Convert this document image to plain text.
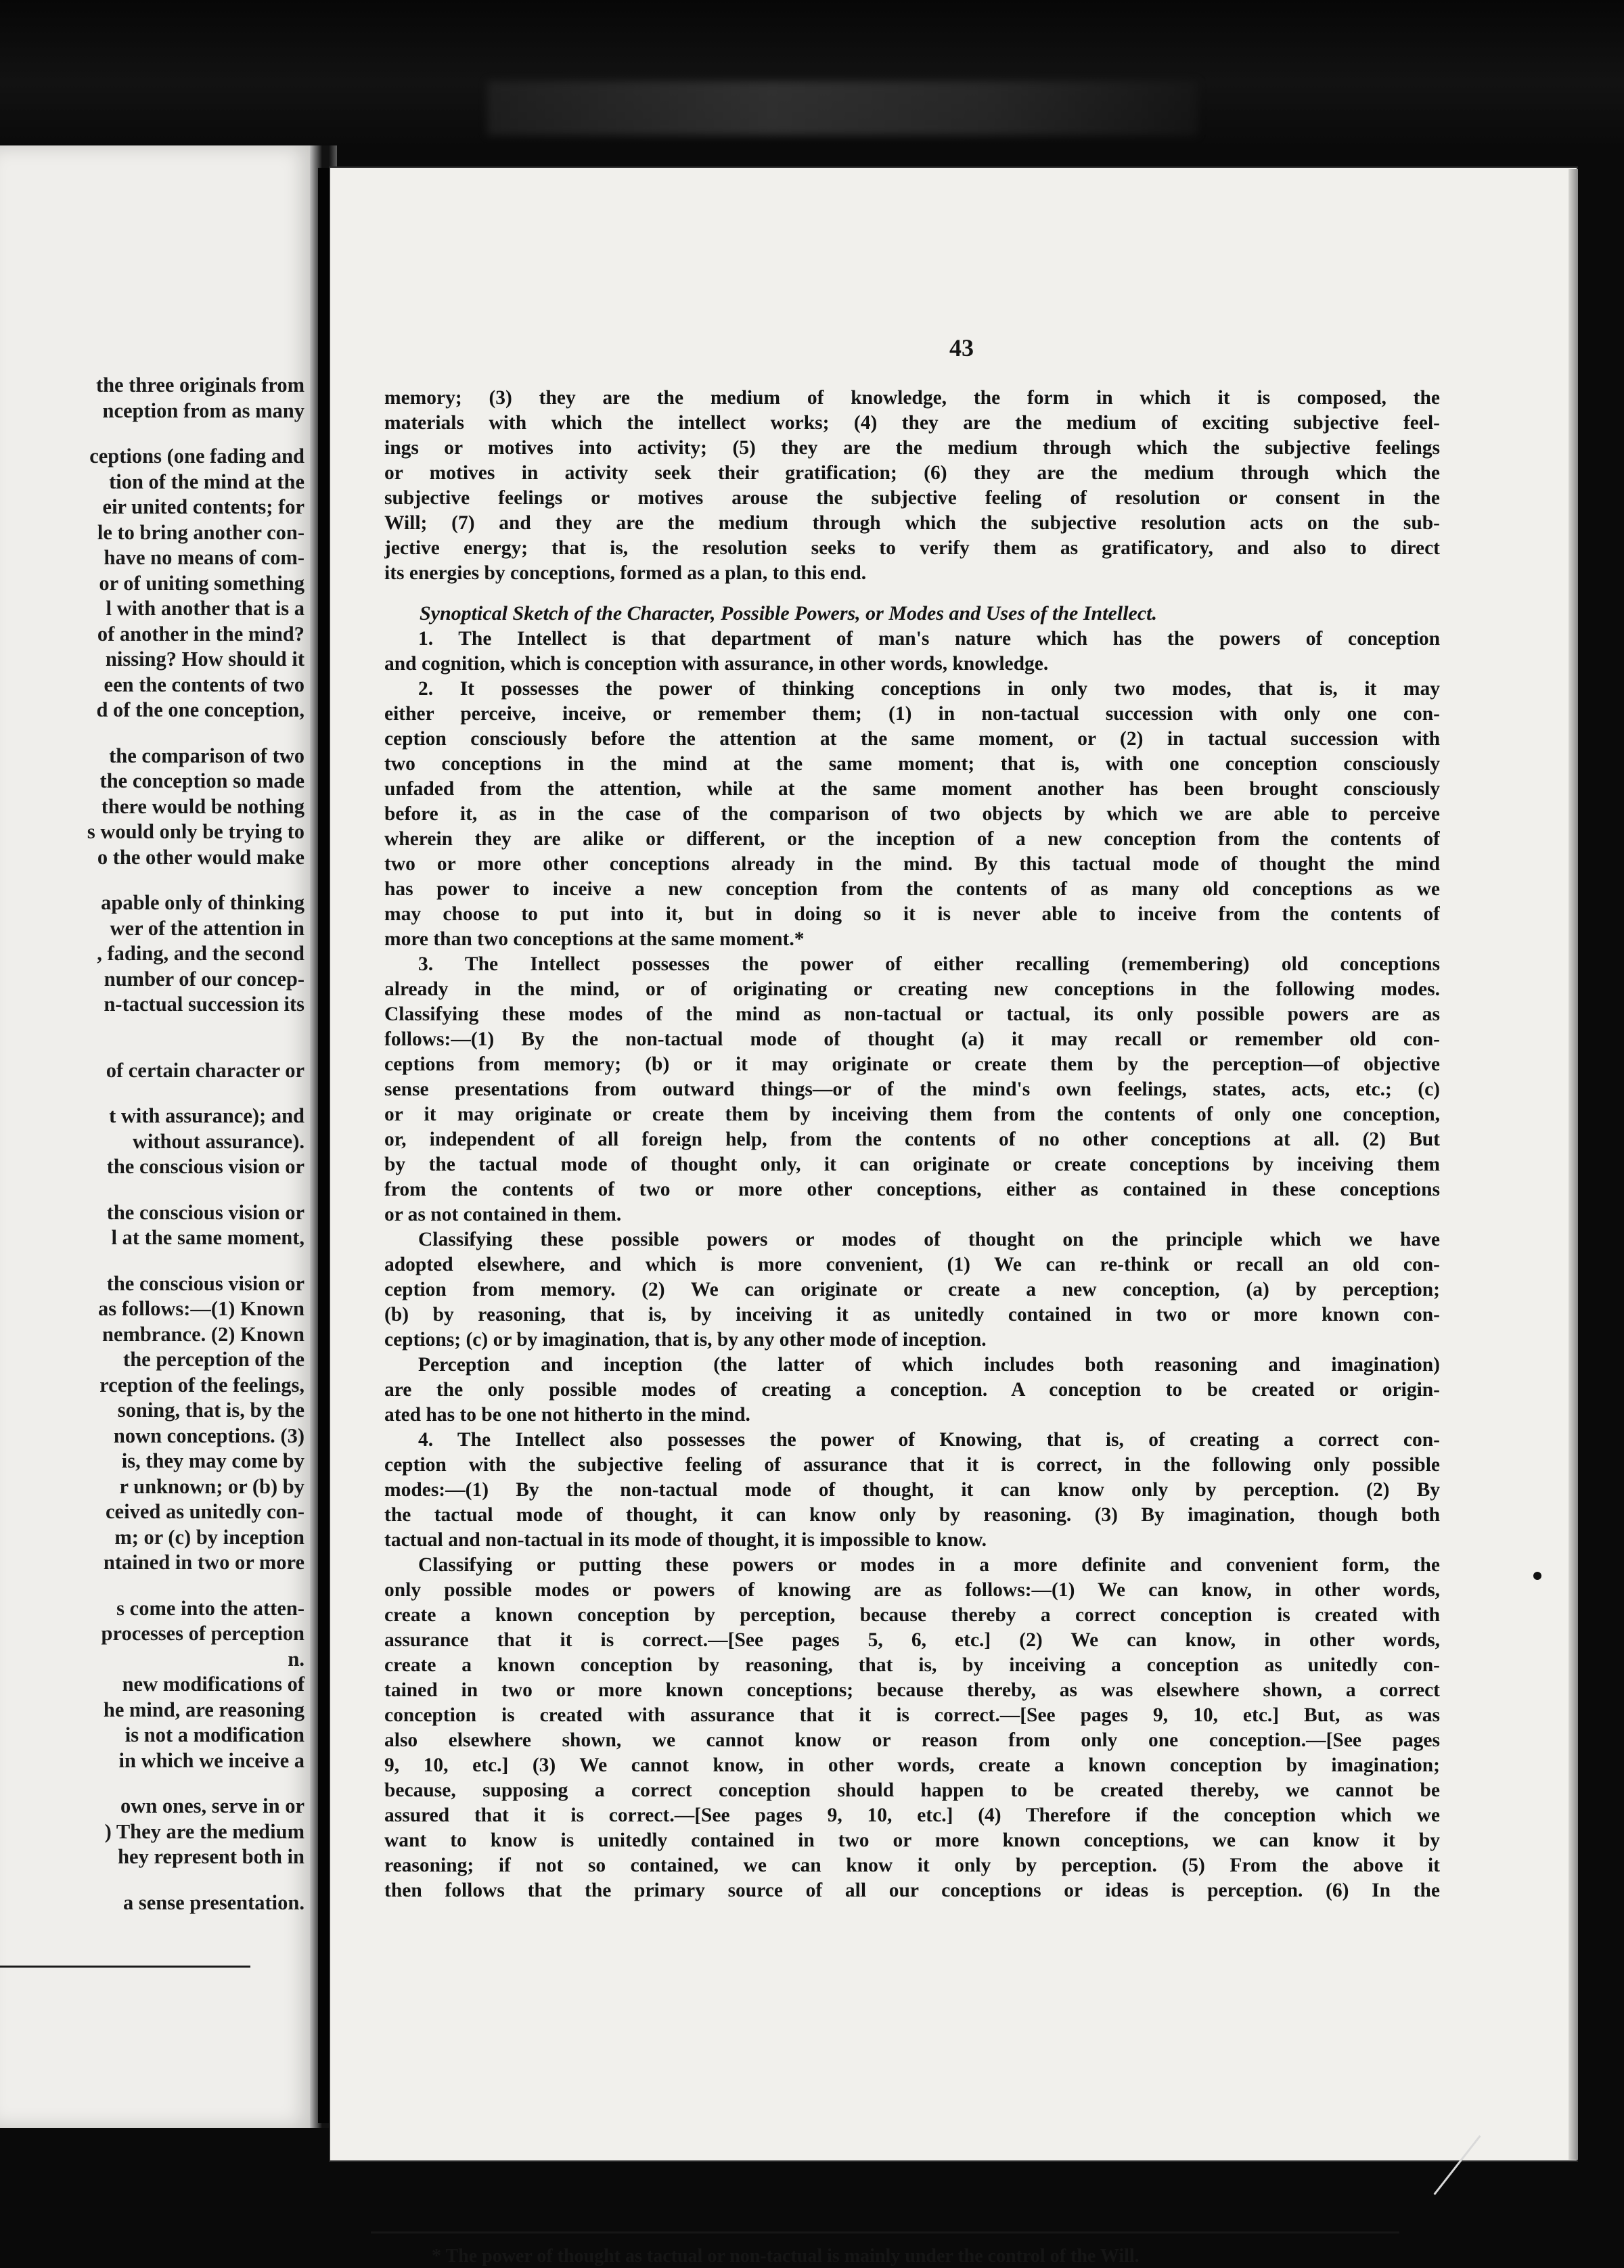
the three originals from
nception from as many
ceptions (one fading and
tion of the mind at the
eir united contents; for
le to bring another con-
have no means of com-
or of uniting something
l with another that is a
of another in the mind?
nissing? How should it
een the contents of two
d of the one conception,
the comparison of two
the conception so made
there would be nothing
s would only be trying to
o the other would make
apable only of thinking
wer of the attention in
, fading, and the second
number of our concep-
n-tactual succession its
of certain character or
t with assurance); and
without assurance).
the conscious vision or
the conscious vision or
l at the same moment,
the conscious vision or
as follows:—(1) Known
nembrance. (2) Known
the perception of the
rception of the feelings,
soning, that is, by the
nown conceptions. (3)
is, they may come by
r unknown; or (b) by
ceived as unitedly con-
m; or (c) by inception
ntained in two or more
s come into the atten-
processes of perception
n.
new modifications of
he mind, are reasoning
is not a modification
in which we inceive a
own ones, serve in or
) They are the medium
hey represent both in
a sense presentation.
43
memory; (3) they are the medium of knowledge, the form in which it is composed, the
materials with which the intellect works; (4) they are the medium of exciting subjective feel-
ings or motives into activity; (5) they are the medium through which the subjective feelings
or motives in activity seek their gratification; (6) they are the medium through which the
subjective feelings or motives arouse the subjective feeling of resolution or consent in the
Will; (7) and they are the medium through which the subjective resolution acts on the sub-
jective energy; that is, the resolution seeks to verify them as gratificatory, and also to direct
its energies by conceptions, formed as a plan, to this end.
Synoptical Sketch of the Character, Possible Powers, or Modes and Uses of the Intellect.
1. The Intellect is that department of man's nature which has the powers of conception
and cognition, which is conception with assurance, in other words, knowledge.
2. It possesses the power of thinking conceptions in only two modes, that is, it may
either perceive, inceive, or remember them; (1) in non-tactual succession with only one con-
ception consciously before the attention at the same moment, or (2) in tactual succession with
two conceptions in the mind at the same moment; that is, with one conception consciously
unfaded from the attention, while at the same moment another has been brought consciously
before it, as in the case of the comparison of two objects by which we are able to perceive
wherein they are alike or different, or the inception of a new conception from the contents of
two or more other conceptions already in the mind. By this tactual mode of thought the mind
has power to inceive a new conception from the contents of as many old conceptions as we
may choose to put into it, but in doing so it is never able to inceive from the contents of
more than two conceptions at the same moment.*
3. The Intellect possesses the power of either recalling (remembering) old conceptions
already in the mind, or of originating or creating new conceptions in the following modes.
Classifying these modes of the mind as non-tactual or tactual, its only possible powers are as
follows:—(1) By the non-tactual mode of thought (a) it may recall or remember old con-
ceptions from memory; (b) or it may originate or create them by the perception—of objective
sense presentations from outward things—or of the mind's own feelings, states, acts, etc.; (c)
or it may originate or create them by inceiving them from the contents of only one conception,
or, independent of all foreign help, from the contents of no other conceptions at all. (2) But
by the tactual mode of thought only, it can originate or create conceptions by inceiving them
from the contents of two or more other conceptions, either as contained in these conceptions
or as not contained in them.
Classifying these possible powers or modes of thought on the principle which we have
adopted elsewhere, and which is more convenient, (1) We can re-think or recall an old con-
ception from memory. (2) We can originate or create a new conception, (a) by perception;
(b) by reasoning, that is, by inceiving it as unitedly contained in two or more known con-
ceptions; (c) or by imagination, that is, by any other mode of inception.
Perception and inception (the latter of which includes both reasoning and imagination)
are the only possible modes of creating a conception. A conception to be created or origin-
ated has to be one not hitherto in the mind.
4. The Intellect also possesses the power of Knowing, that is, of creating a correct con-
ception with the subjective feeling of assurance that it is correct, in the following only possible
modes:—(1) By the non-tactual mode of thought, it can know only by perception. (2) By
the tactual mode of thought, it can know only by reasoning. (3) By imagination, though both
tactual and non-tactual in its mode of thought, it is impossible to know.
Classifying or putting these powers or modes in a more definite and convenient form, the
only possible modes or powers of knowing are as follows:—(1) We can know, in other words,
create a known conception by perception, because thereby a correct conception is created with
assurance that it is correct.—[See pages 5, 6, etc.] (2) We can know, in other words,
create a known conception by reasoning, that is, by inceiving a conception as unitedly con-
tained in two or more known conceptions; because thereby, as was elsewhere shown, a correct
conception is created with assurance that it is correct.—[See pages 9, 10, etc.] But, as was
also elsewhere shown, we cannot know or reason from only one conception.—[See pages
9, 10, etc.] (3) We cannot know, in other words, create a known conception by imagination;
because, supposing a correct conception should happen to be created thereby, we cannot be
assured that it is correct.—[See pages 9, 10, etc.] (4) Therefore if the conception which we
want to know is unitedly contained in two or more known conceptions, we can know it by
reasoning; if not so contained, we can know it only by perception. (5) From the above it
then follows that the primary source of all our conceptions or ideas is perception. (6) In the
* The power of thought as tactual or non-tactual is mainly under the control of the Will.
